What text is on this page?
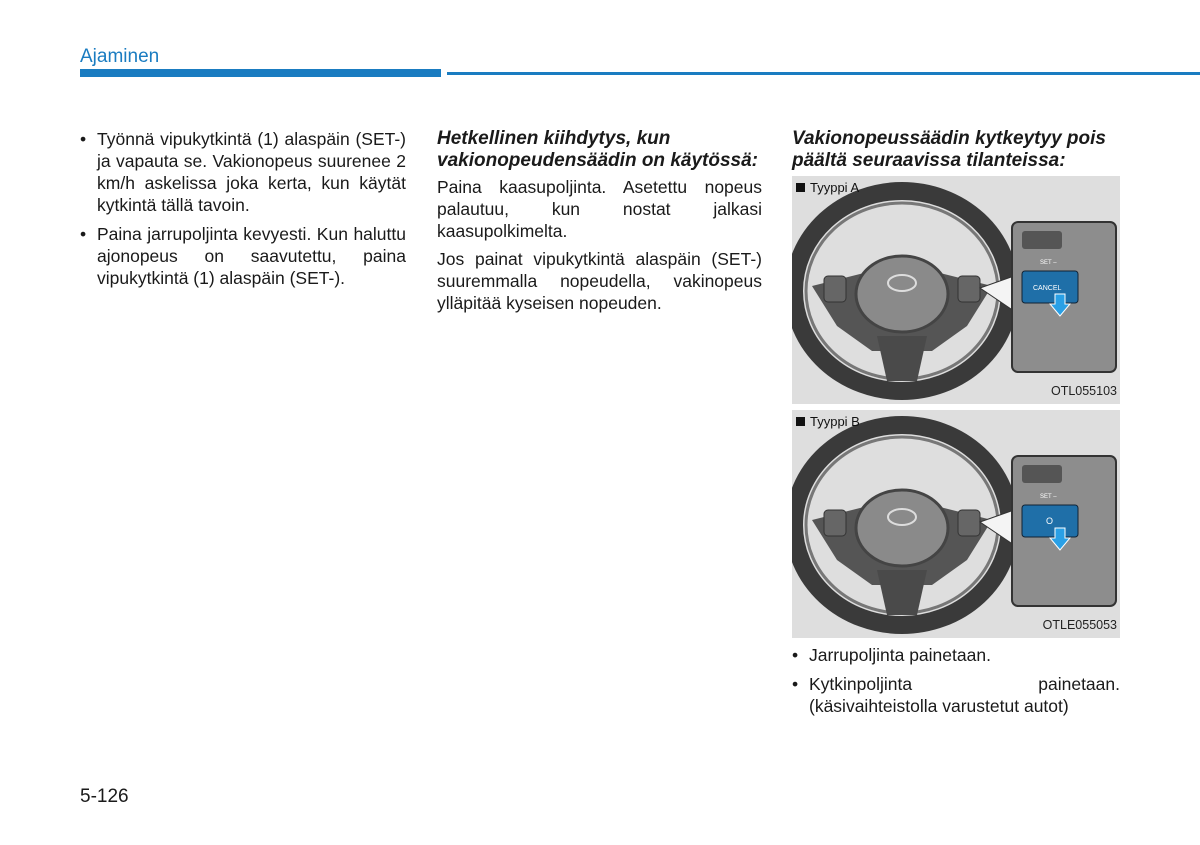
Ajaminen
• Työnnä vipukytkintä (1) alaspäin (SET-) ja vapauta se. Vakionopeus suurenee 2 km/h askelissa joka kerta, kun käytät kytkintä tällä tavoin.
• Paina jarrupoljinta kevyesti. Kun haluttu ajonopeus on saavutettu, paina vipukytkintä (1) alaspäin (SET-).
Hetkellinen kiihdytys, kun vakionopeudensäädin on käytössä:

Paina kaasupoljinta. Asetettu nopeus palautuu, kun nostat jalkasi kaasupolkimelta.

Jos painat vipukytkintä alaspäin (SET-) suuremmalla nopeudella, vakinopeus ylläpitää kyseisen nopeuden.

Vakionopeussäädin kytkeytyy pois päältä seuraavissa tilanteissa:
CANCEL
SET –
Tyyppi A
OTL055103
O
SET –
Tyyppi B
OTLE055053
• Jarrupoljinta painetaan.
• Kytkinpoljinta painetaan. (käsivaihteistolla varustetut autot)
5-126
